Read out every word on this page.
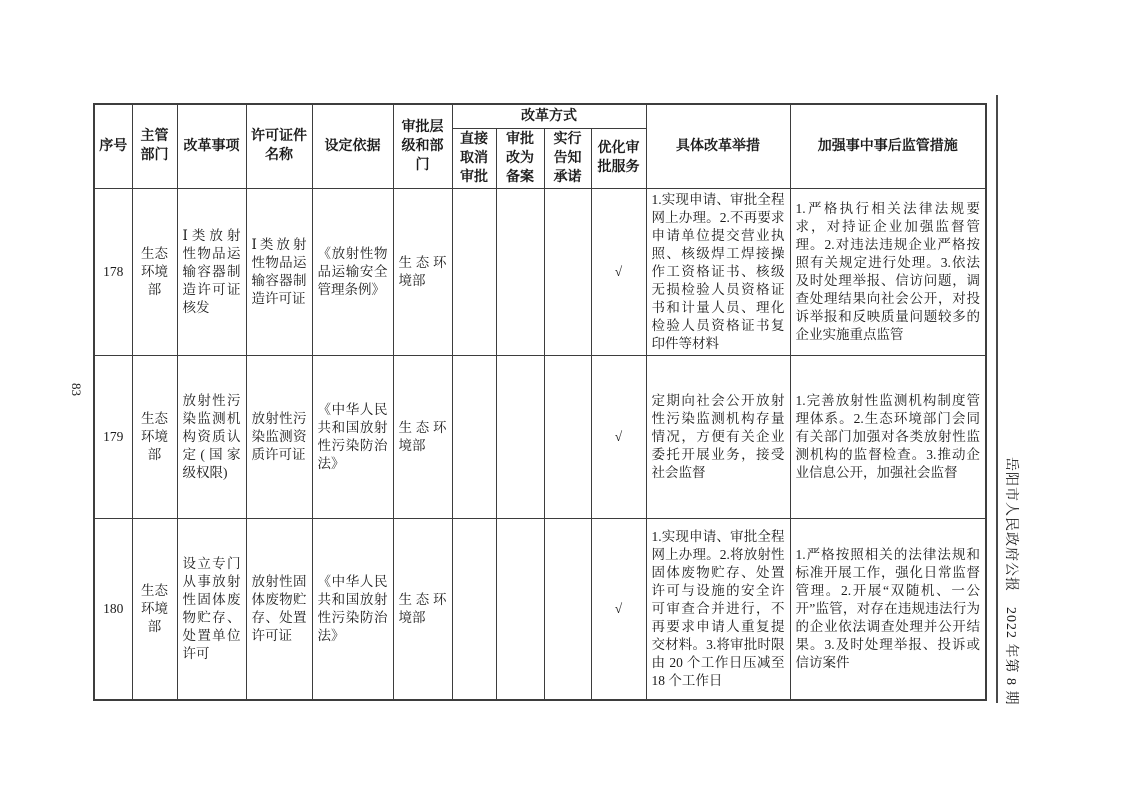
83
序号	主管部门	改革事项	许可证件名称	设定依据	审批层级和部门	改革方式				具体改革举措	加强事中事后监管措施
						直接取消审批	审批改为备案	实行告知承诺	优化审批服务		
178	生态环境部	Ⅰ类放射性物品运输容器制造许可证核发	Ⅰ类放射性物品运输容器制造许可证	《放射性物品运输安全管理条例》	生态环境部				√	1.实现申请、审批全程网上办理。2.不再要求申请单位提交营业执照、核级焊工焊接操作工资格证书、核级无损检验人员资格证书和计量人员、理化检验人员资格证书复印件等材料	1.严格执行相关法律法规要求，对持证企业加强监督管理。2.对违法违规企业严格按照有关规定进行处理。3.依法及时处理举报、信访问题，调查处理结果向社会公开，对投诉举报和反映质量问题较多的企业实施重点监管
179	生态环境部	放射性污染监测机构资质认定(国家级权限)	放射性污染监测资质许可证	《中华人民共和国放射性污染防治法》	生态环境部				√	定期向社会公开放射性污染监测机构存量情况，方便有关企业委托开展业务，接受社会监督	1.完善放射性监测机构制度管理体系。2.生态环境部门会同有关部门加强对各类放射性监测机构的监督检查。3.推动企业信息公开，加强社会监督
180	生态环境部	设立专门从事放射性固体废物贮存、处置单位许可	放射性固体废物贮存、处置许可证	《中华人民共和国放射性污染防治法》	生态环境部				√	1.实现申请、审批全程网上办理。2.将放射性固体废物贮存、处置许可与设施的安全许可审查合并进行，不再要求申请人重复提交材料。3.将审批时限由 20 个工作日压减至 18 个工作日	1.严格按照相关的法律法规和标准开展工作，强化日常监督管理。2.开展“双随机、一公开”监管，对存在违规违法行为的企业依法调查处理并公开结果。3.及时处理举报、投诉或信访案件	岳阳市人民政府公报　2022 年第 8 期
